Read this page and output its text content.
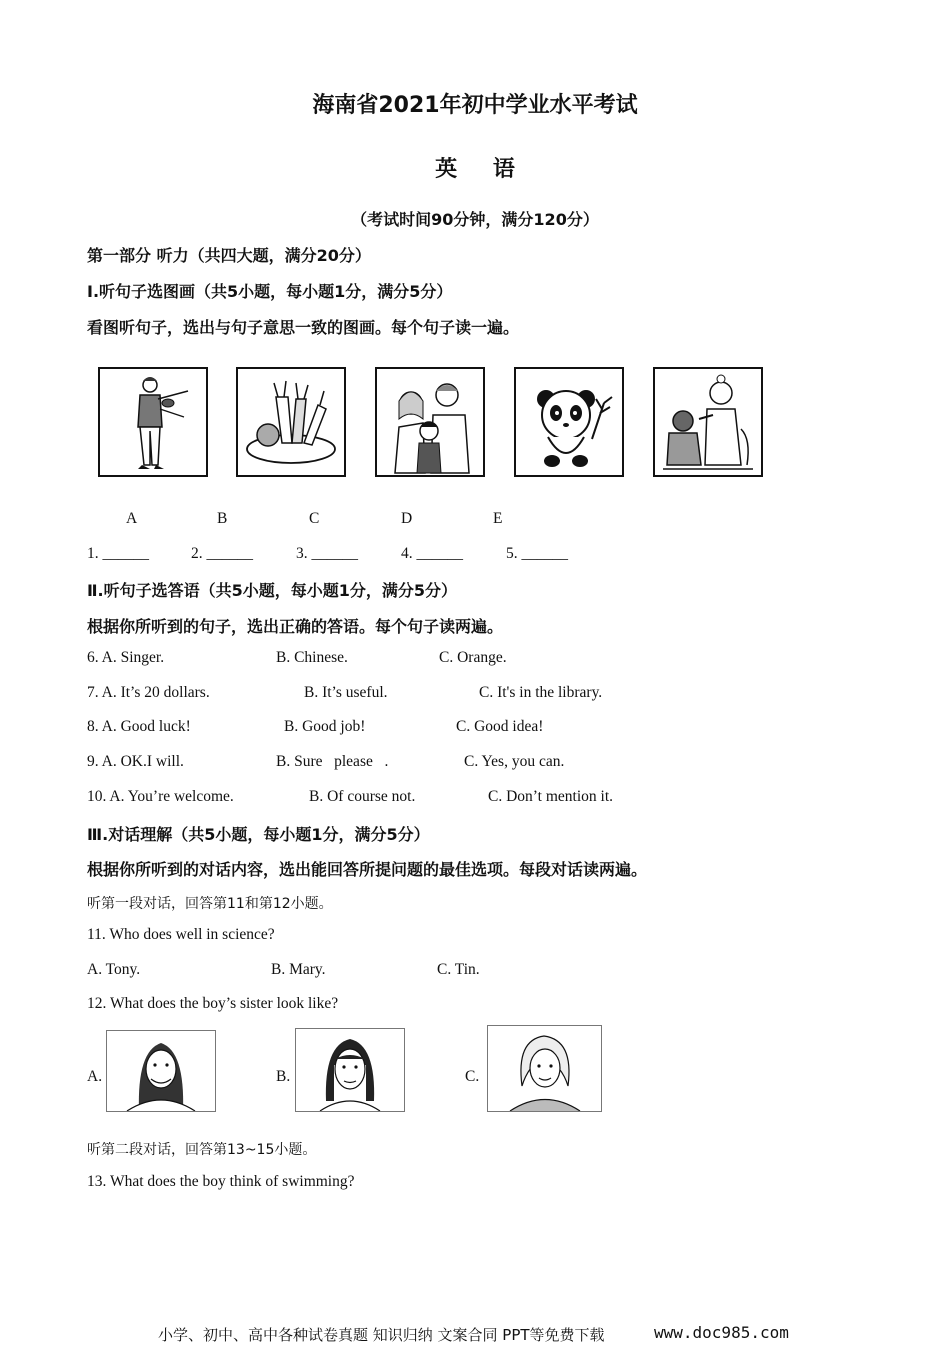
海南省2021年初中学业水平考试
英 语
（考试时间90分钟，满分120分）
第一部分 听力（共四大题，满分20分）
Ⅰ.听句子选图画（共5小题，每小题1分，满分5分）
看图听句子，选出与句子意思一致的图画。每个句子读一遍。
A	B	C	D	E
1. ______	2. ______	3. ______	4. ______	5. ______
Ⅱ.听句子选答语（共5小题，每小题1分，满分5分）
根据你所听到的句子，选出正确的答语。每个句子读两遍。
6. A. Singer.	B. Chinese.	C. Orange.
7. A. It’s 20 dollars.	B. It’s useful.	C. It's in the library.
8. A. Good luck!	B. Good job!	C. Good idea!
9. A. OK.I will.	B. Sure   please   .	C. Yes, you can.
10. A. You’re welcome.	B. Of course not.	C. Don’t mention it.
Ⅲ.对话理解（共5小题，每小题1分，满分5分）
根据你所听到的对话内容，选出能回答所提问题的最佳选项。每段对话读两遍。
听第一段对话，回答第11和第12小题。
11. Who does well in science?
A. Tony.	B. Mary.	C. Tin.
12. What does the boy’s sister look like?
A.	B.	C.
听第二段对话，回答第13~15小题。
13. What does the boy think of swimming?
小学、初中、高中各种试卷真题 知识归纳 文案合同 PPT等免费下载	www.doc985.com
